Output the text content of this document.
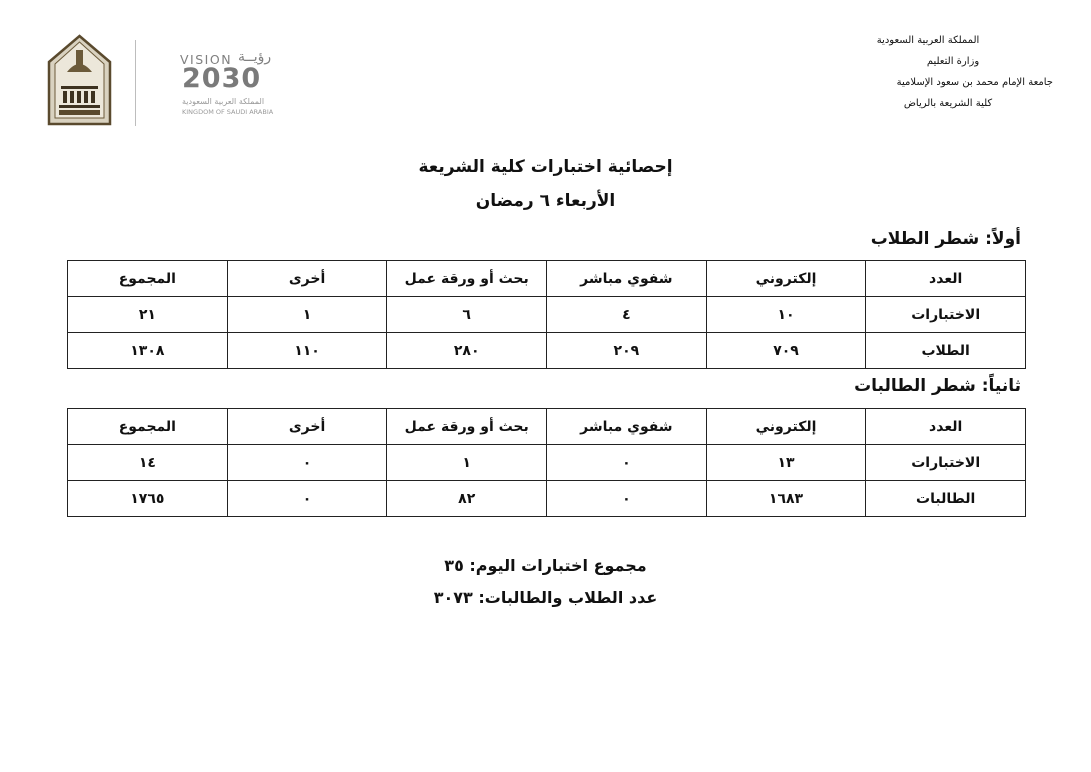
المملكة العربية السعودية
وزارة التعليم
جامعة الإمام محمد بن سعود الإسلامية
كلية الشريعة بالرياض
VISION رؤيــة
2030
المملكة العربية السعودية
KINGDOM OF SAUDI ARABIA
إحصائية اختبارات كلية الشريعة
الأربعاء ٦ رمضان
أولاً: شطر الطلاب
العدد	إلكتروني	شفوي مباشر	بحث أو ورقة عمل	أخرى	المجموع
الاختبارات	١٠	٤	٦	١	٢١
الطلاب	٧٠٩	٢٠٩	٢٨٠	١١٠	١٣٠٨
ثانياً: شطر الطالبات
العدد	إلكتروني	شفوي مباشر	بحث أو ورقة عمل	أخرى	المجموع
الاختبارات	١٣	٠	١	٠	١٤
الطالبات	١٦٨٣	٠	٨٢	٠	١٧٦٥
مجموع اختبارات اليوم: ٣٥
عدد الطلاب والطالبات: ٣٠٧٣
